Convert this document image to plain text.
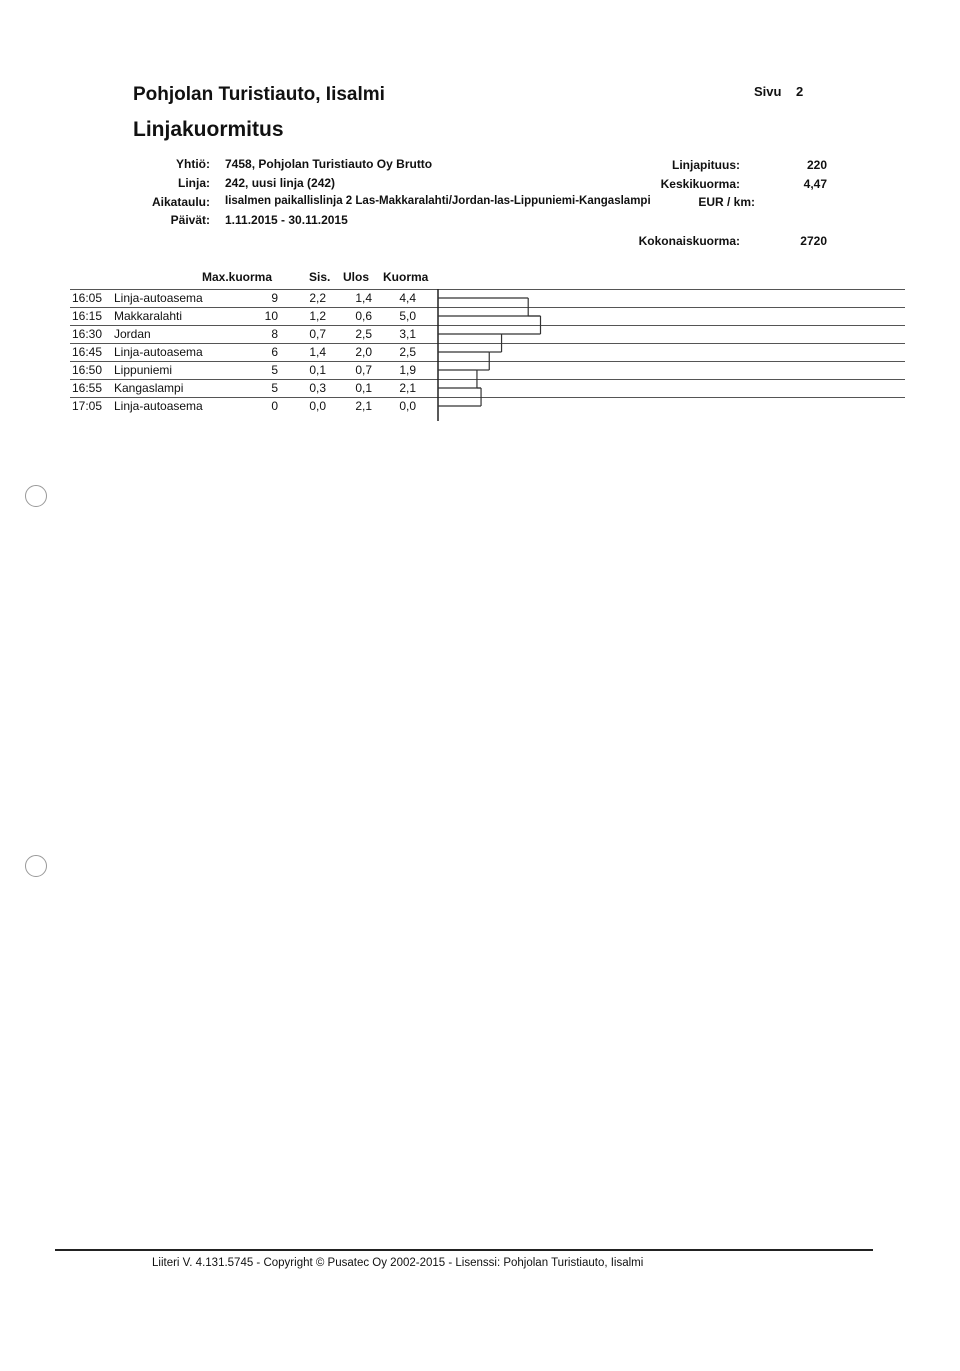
Pohjolan Turistiauto, Iisalmi
Linjakuormitus
Sivu 2
Yhtiö: 7458, Pohjolan Turistiauto Oy Brutto
Linja: 242, uusi linja (242)
Aikataulu: Iisalmen paikallislinja 2 Las-Makkaralahti/Jordan-las-Lippuniemi-Kangaslampi
Päivät: 1.11.2015 - 30.11.2015
Linjapituus:	220
Keskikuorma:	4,47
EUR / km:
Kokonaiskuorma:	2720
Max.kuorma	Sis. Ulos Kuorma
16:05 Linja-autoasema	9	2,2	1,4	4,4
16:15 Makkaralahti	10	1,2	0,6	5,0
16:30 Jordan	8	0,7	2,5	3,1
16:45 Linja-autoasema	6	1,4	2,0	2,5
16:50 Lippuniemi	5	0,1	0,7	1,9
16:55 Kangaslampi	5	0,3	0,1	2,1
17:05 Linja-autoasema	0	0,0	2,1	0,0
Liiteri V. 4.131.5745 - Copyright © Pusatec Oy 2002-2015 - Lisenssi: Pohjolan Turistiauto, Iisalmi
